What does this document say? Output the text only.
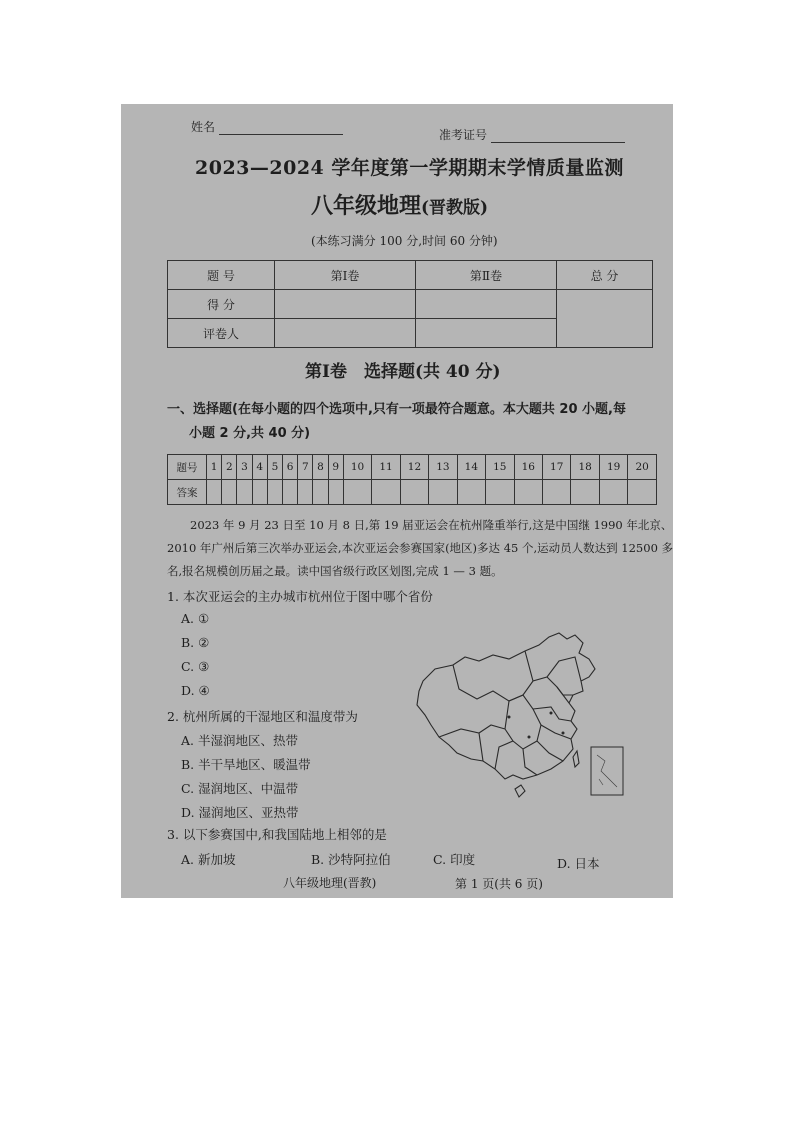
姓名
准考证号
2023—2024 学年度第一学期期末学情质量监测
八年级地理(晋教版)
(本练习满分 100 分,时间 60 分钟)
题 号	第Ⅰ卷	第Ⅱ卷	总 分
得 分			
评卷人			
第Ⅰ卷　选择题(共 40 分)
一、选择题(在每小题的四个选项中,只有一项最符合题意。本大题共 20 小题,每
小题 2 分,共 40 分)
题号	1	2	3	4	5	6	7	8	9	10	11	12	13	14	15	16	17	18	19	20
答案																				
2023 年 9 月 23 日至 10 月 8 日,第 19 届亚运会在杭州隆重举行,这是中国继 1990 年北京、2010 年广州后第三次举办亚运会,本次亚运会参赛国家(地区)多达 45 个,运动员人数达到 12500 多名,报名规模创历届之最。读中国省级行政区划图,完成 1 — 3 题。
1. 本次亚运会的主办城市杭州位于图中哪个省份
A. ①
B. ②
C. ③
D. ④
2. 杭州所属的干湿地区和温度带为
A. 半湿润地区、热带
B. 半干旱地区、暖温带
C. 湿润地区、中温带
D. 湿润地区、亚热带
3. 以下参赛国中,和我国陆地上相邻的是
A. 新加坡	B. 沙特阿拉伯	C. 印度	D. 日本
八年级地理(晋教)	第 1 页(共 6 页)
